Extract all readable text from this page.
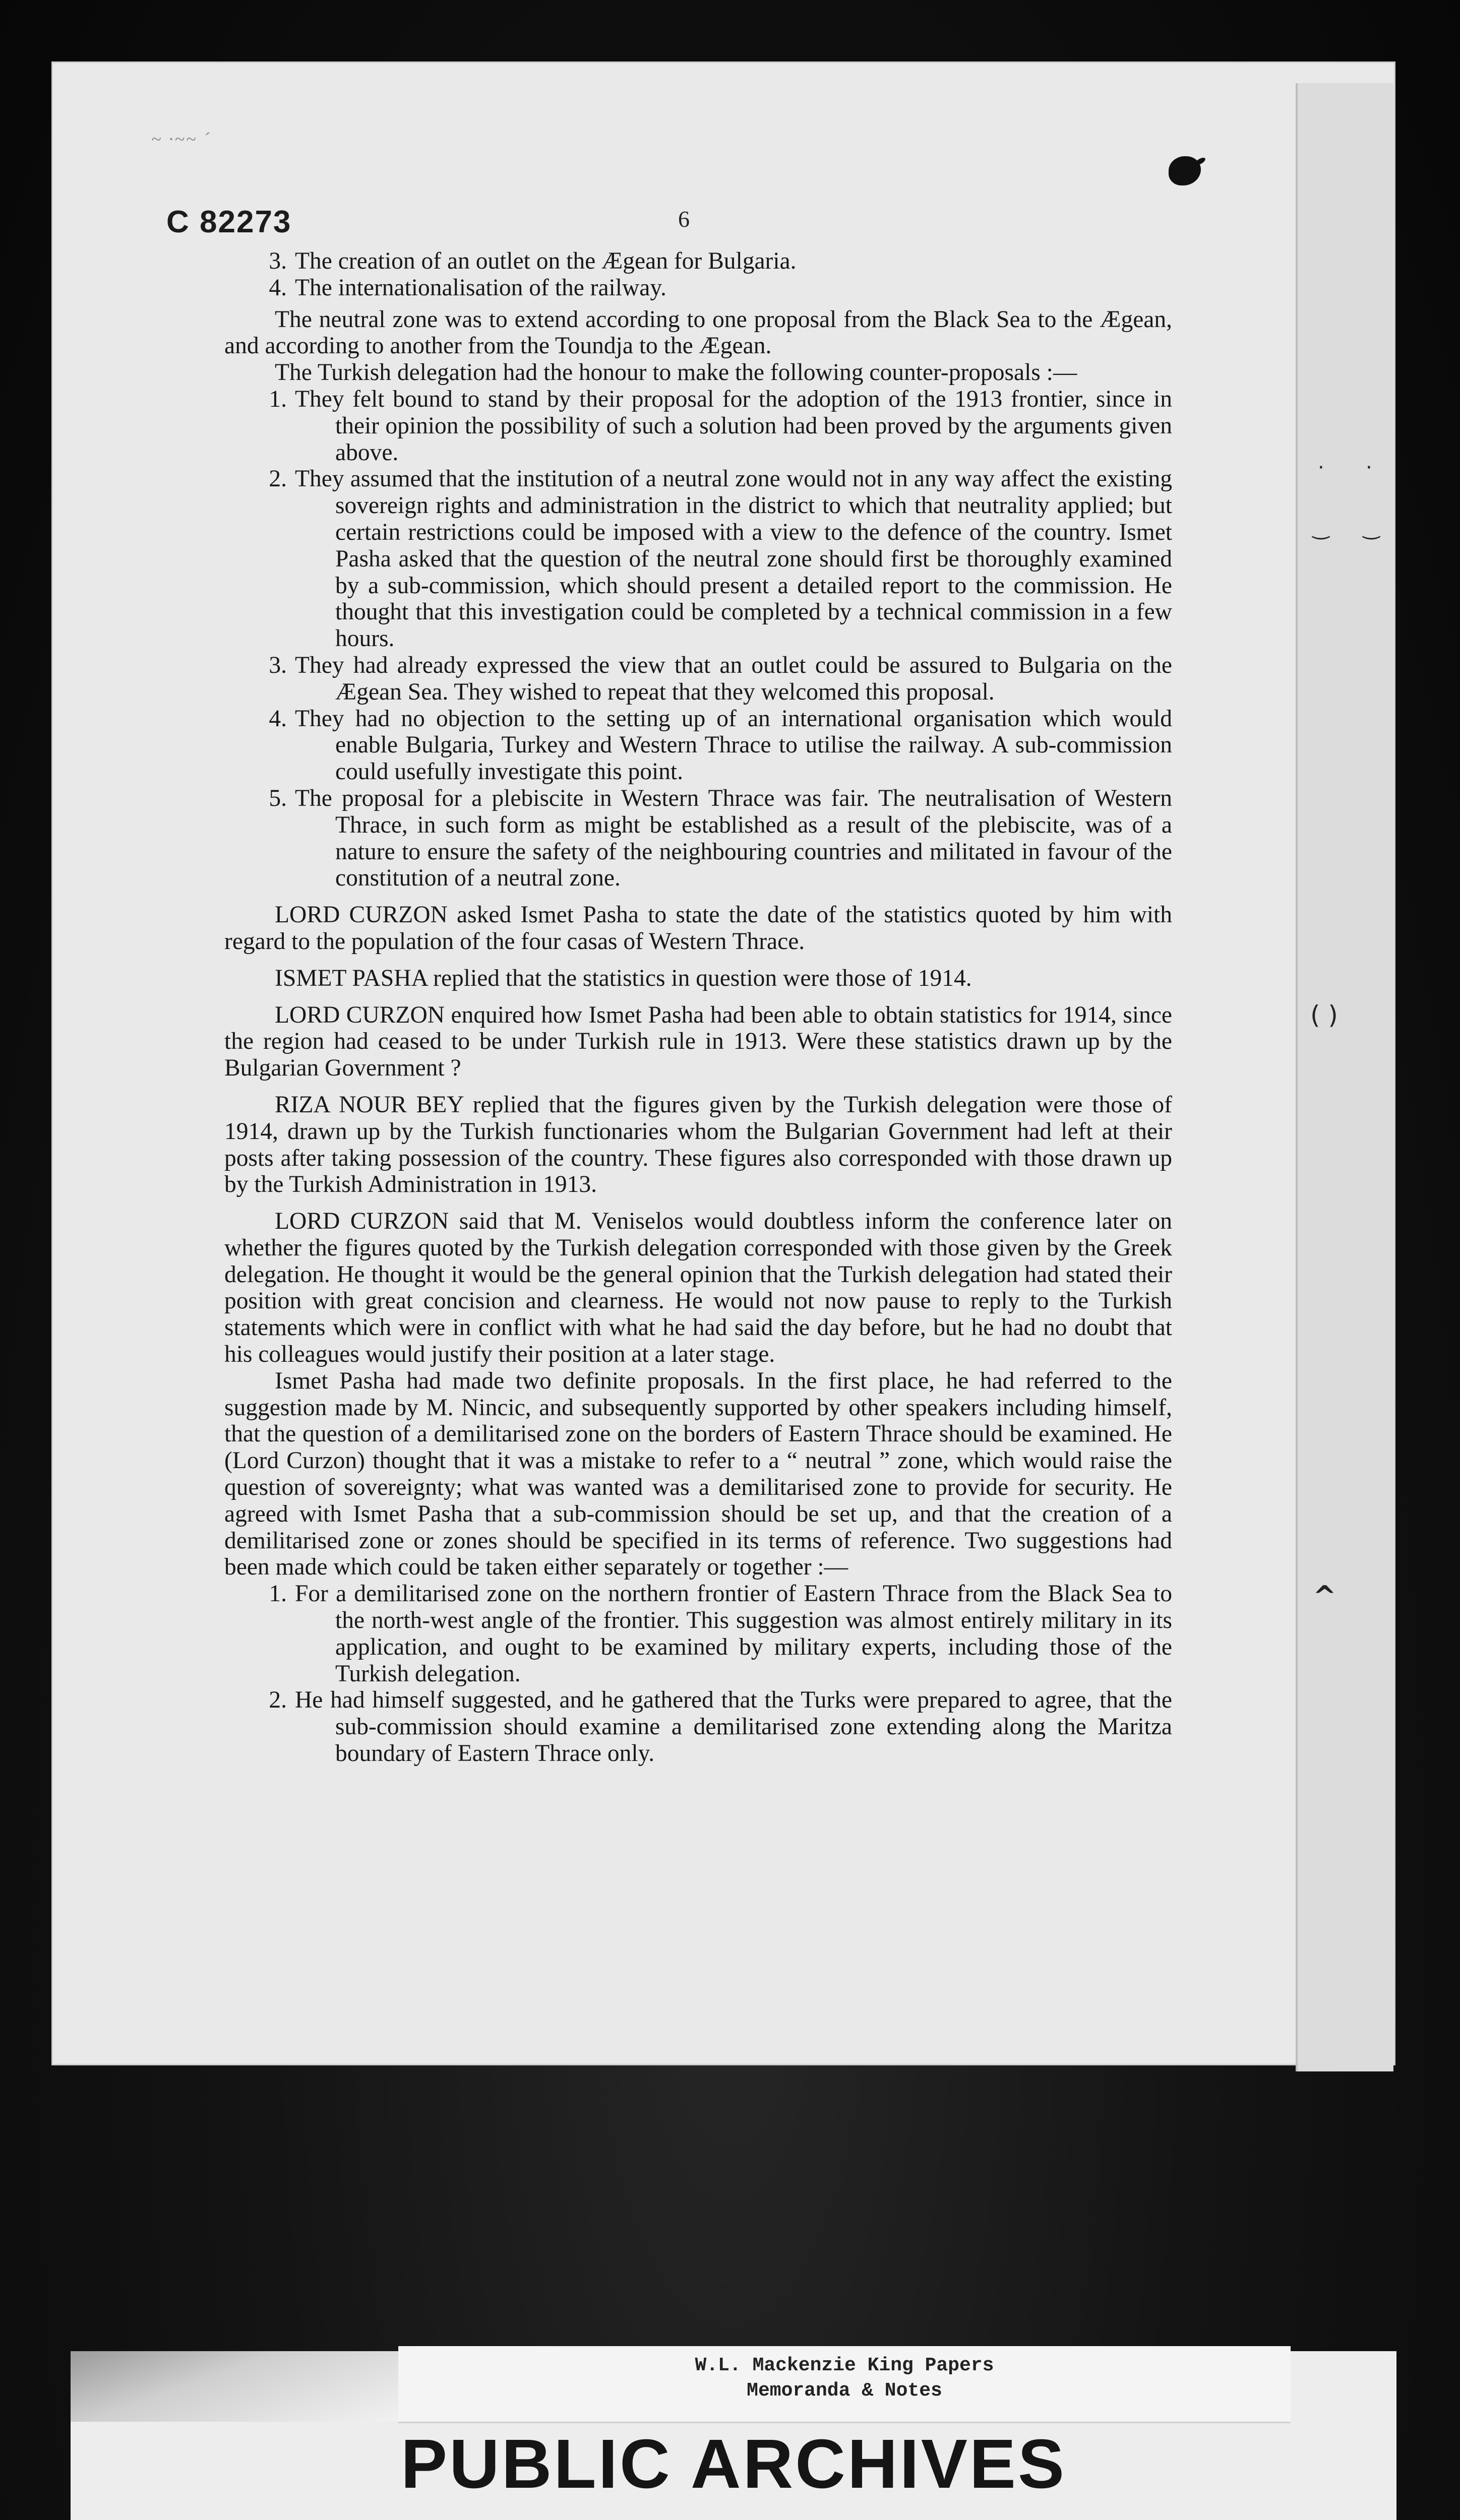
·
·
‿ ‿
( )
^
~ ·~~ ´
C 82273	6
3. The creation of an outlet on the Ægean for Bulgaria.
4. The internationalisation of the railway.

The neutral zone was to extend according to one proposal from the Black Sea to the Ægean, and according to another from the Toundja to the Ægean.

The Turkish delegation had the honour to make the following counter-proposals :—

1. They felt bound to stand by their proposal for the adoption of the 1913 frontier, since in their opinion the possibility of such a solution had been proved by the arguments given above.
2. They assumed that the institution of a neutral zone would not in any way affect the existing sovereign rights and administration in the district to which that neutrality applied; but certain restrictions could be imposed with a view to the defence of the country. Ismet Pasha asked that the question of the neutral zone should first be thoroughly examined by a sub-commission, which should present a detailed report to the commission. He thought that this investigation could be completed by a technical commission in a few hours.
3. They had already expressed the view that an outlet could be assured to Bulgaria on the Ægean Sea. They wished to repeat that they welcomed this proposal.
4. They had no objection to the setting up of an international organisation which would enable Bulgaria, Turkey and Western Thrace to utilise the railway. A sub-commission could usefully investigate this point.
5. The proposal for a plebiscite in Western Thrace was fair. The neutralisation of Western Thrace, in such form as might be established as a result of the plebiscite, was of a nature to ensure the safety of the neighbouring countries and militated in favour of the constitution of a neutral zone.

LORD CURZON asked Ismet Pasha to state the date of the statistics quoted by him with regard to the population of the four casas of Western Thrace.

ISMET PASHA replied that the statistics in question were those of 1914.

LORD CURZON enquired how Ismet Pasha had been able to obtain statistics for 1914, since the region had ceased to be under Turkish rule in 1913. Were these statistics drawn up by the Bulgarian Government ?

RIZA NOUR BEY replied that the figures given by the Turkish delegation were those of 1914, drawn up by the Turkish functionaries whom the Bulgarian Government had left at their posts after taking possession of the country. These figures also corresponded with those drawn up by the Turkish Administration in 1913.

LORD CURZON said that M. Veniselos would doubtless inform the conference later on whether the figures quoted by the Turkish delegation corresponded with those given by the Greek delegation. He thought it would be the general opinion that the Turkish delegation had stated their position with great concision and clearness. He would not now pause to reply to the Turkish statements which were in conflict with what he had said the day before, but he had no doubt that his colleagues would justify their position at a later stage.

Ismet Pasha had made two definite proposals. In the first place, he had referred to the suggestion made by M. Nincic, and subsequently supported by other speakers including himself, that the question of a demilitarised zone on the borders of Eastern Thrace should be examined. He (Lord Curzon) thought that it was a mistake to refer to a “ neutral ” zone, which would raise the question of sovereignty; what was wanted was a demilitarised zone to provide for security. He agreed with Ismet Pasha that a sub-commission should be set up, and that the creation of a demilitarised zone or zones should be specified in its terms of reference. Two suggestions had been made which could be taken either separately or together :—

1. For a demilitarised zone on the northern frontier of Eastern Thrace from the Black Sea to the north-west angle of the frontier. This suggestion was almost entirely military in its application, and ought to be examined by military experts, including those of the Turkish delegation.
2. He had himself suggested, and he gathered that the Turks were prepared to agree, that the sub-commission should examine a demilitarised zone extending along the Maritza boundary of Eastern Thrace only.
W.L. Mackenzie King Papers
Memoranda & Notes
PUBLIC ARCHIVES
